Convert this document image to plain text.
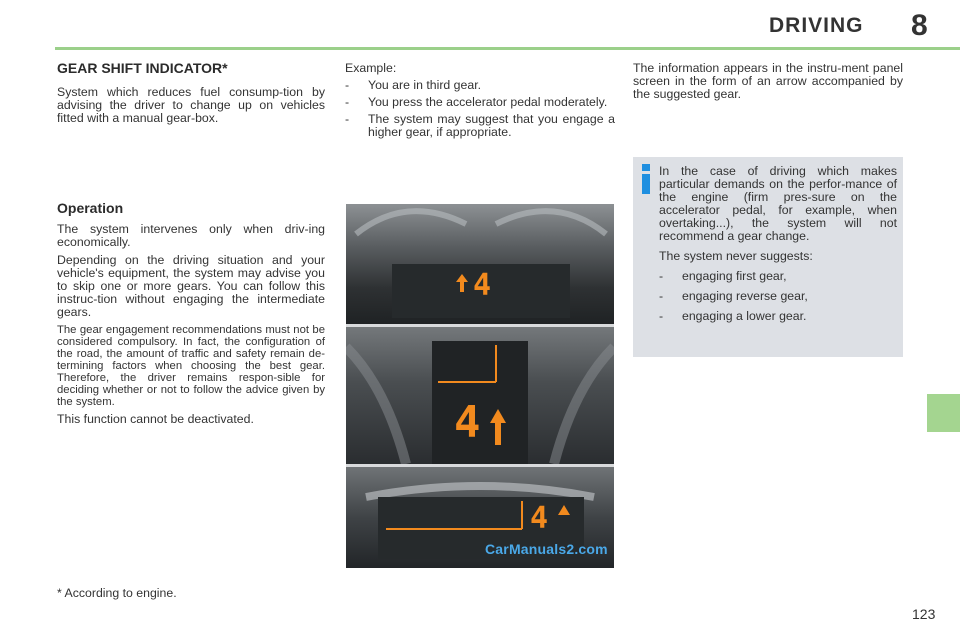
DRIVING 8
GEAR SHIFT INDICATOR*

System which reduces fuel consump-tion by advising the driver to change up on vehicles fitted with a manual gear-box.

Operation

The system intervenes only when driv-ing economically.

Depending on the driving situation and your vehicle's equipment, the system may advise you to skip one or more gears. You can follow this instruc-tion without engaging the intermediate gears.

The gear engagement recommendations must not be considered compulsory. In fact, the configuration of the road, the amount of traffic and safety remain de-termining factors when choosing the best gear. Therefore, the driver remains respon-sible for deciding whether or not to follow the advice given by the system.

This function cannot be deactivated.

Example:

- You are in third gear.
- You press the accelerator pedal moderately.
- The system may suggest that you engage a higher gear, if appropriate.
4
4
4
CarManuals2.com

The information appears in the instru-ment panel screen in the form of an arrow accompanied by the suggested gear.

In the case of driving which makes particular demands on the perfor-mance of the engine (firm pres-sure on the accelerator pedal, for example, when overtaking...), the system will not recommend a gear change.

The system never suggests:

- engaging first gear,
- engaging reverse gear,
- engaging a lower gear.
* According to engine.
123
